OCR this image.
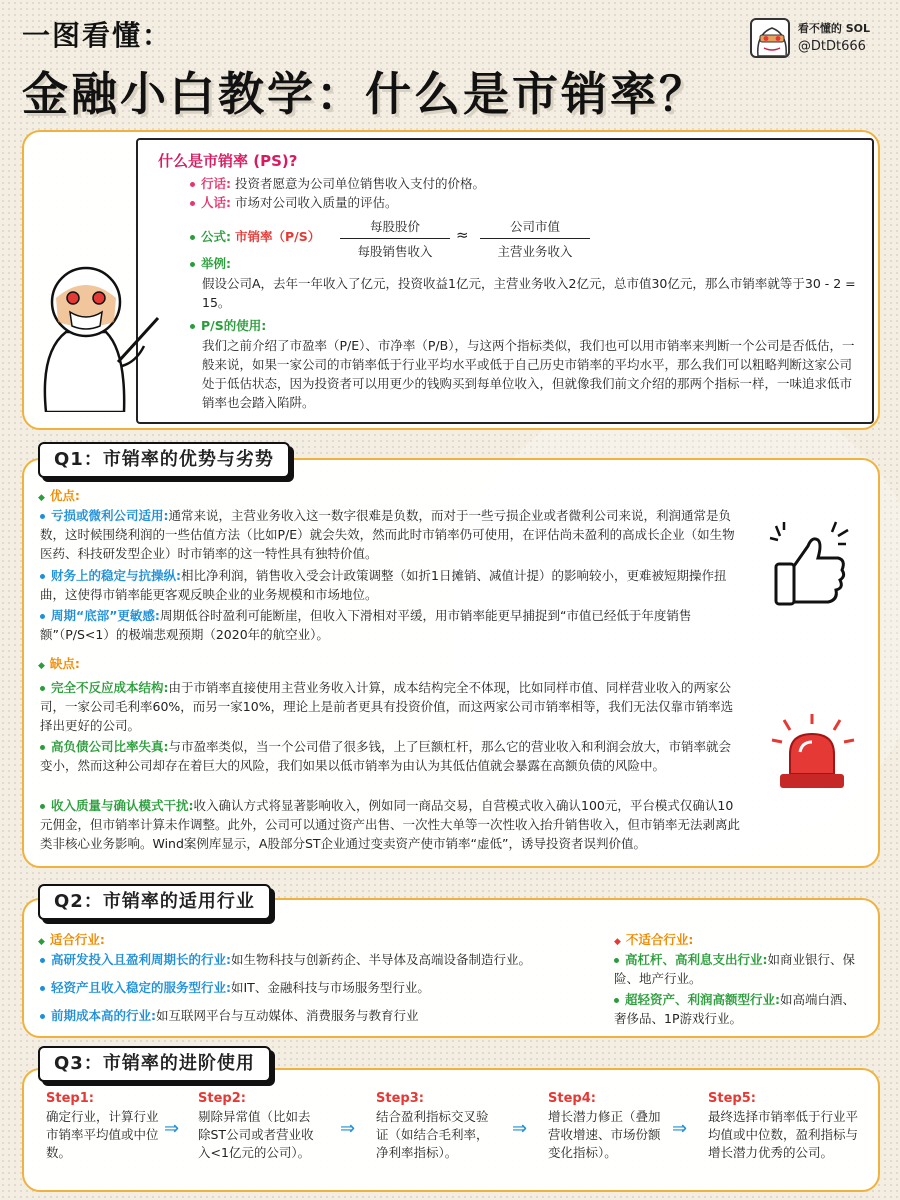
一图看懂：
金融小白教学：什么是市销率？
看不懂的 SOL
@DtDt666
什么是市销率 (PS)?
行话: 投资者愿意为公司单位销售收入支付的价格。
人话: 市场对公司收入质量的评估。
公式: 市销率（P/S）
每股股价
每股销售收入
≈	公司市值
主营业务收入
举例:
假设公司A，去年一年收入了亿元，投资收益1亿元，主营业务收入2亿元，总市值30亿元，那么市销率就等于30 - 2 = 15。
P/S的使用:
我们之前介绍了市盈率（P/E）、市净率（P/B），与这两个指标类似，我们也可以用市销率来判断一个公司是否低估，一般来说，如果一家公司的市销率低于行业平均水平或低于自己历史市销率的平均水平，那么我们可以粗略判断这家公司处于低估状态，因为投资者可以用更少的钱购买到每单位收入，但就像我们前文介绍的那两个指标一样，一味追求低市销率也会踏入陷阱。
Q1：市销率的优势与劣势
◆ 优点:
亏损或微利公司适用:通常来说，主营业务收入这一数字很难是负数，而对于一些亏损企业或者微利公司来说，利润通常是负数，这时候围绕利润的一些估值方法（比如P/E）就会失效，然而此时市销率仍可使用，在评估尚未盈利的高成长企业（如生物医药、科技研发型企业）时市销率的这一特性具有独特价值。
财务上的稳定与抗操纵:相比净利润，销售收入受会计政策调整（如折1日摊销、减值计提）的影响较小，更难被短期操作扭曲，这使得市销率能更客观反映企业的业务规模和市场地位。
周期“底部”更敏感:周期低谷时盈利可能断崖，但收入下滑相对平缓，用市销率能更早捕捉到“市值已经低于年度销售额”（P/S<1）的极端悲观预期（2020年的航空业）。
◆ 缺点:
完全不反应成本结构:由于市销率直接使用主营业务收入计算，成本结构完全不体现，比如同样市值、同样营业收入的两家公司，一家公司毛利率60%，而另一家10%，理论上是前者更具有投资价值，而这两家公司市销率相等，我们无法仅靠市销率选择出更好的公司。
高负债公司比率失真:与市盈率类似，当一个公司借了很多钱，上了巨额杠杆，那么它的营业收入和利润会放大，市销率就会变小，然而这种公司却存在着巨大的风险，我们如果以低市销率为由认为其低估值就会暴露在高额负债的风险中。
收入质量与确认模式干扰:收入确认方式将显著影响收入，例如同一商品交易，自营模式收入确认100元，平台模式仅确认10元佣金，但市销率计算未作调整。此外，公司可以通过资产出售、一次性大单等一次性收入抬升销售收入，但市销率无法剥离此类非核心业务影响。Wind案例库显示，A股部分ST企业通过变卖资产使市销率“虚低”，诱导投资者误判价值。
Q2：市销率的适用行业
◆ 适合行业:
高研发投入且盈利周期长的行业:如生物科技与创新药企、半导体及高端设备制造行业。
轻资产且收入稳定的服务型行业:如IT、金融科技与市场服务型行业。
前期成本高的行业:如互联网平台与互动媒体、消费服务与教育行业
◆ 不适合行业:
高杠杆、高利息支出行业:如商业银行、保险、地产行业。
超轻资产、利润高额型行业:如高端白酒、奢侈品、1P游戏行业。
Q3：市销率的进阶使用
Step1:
确定行业，计算行业市销率平均值或中位数。
⇒
Step2:
剔除异常值（比如去除ST公司或者营业收入<1亿元的公司）。
⇒
Step3:
结合盈利指标交叉验证（如结合毛利率，净利率指标）。
⇒
Step4:
增长潜力修正（叠加营收增速、市场份额变化指标）。
⇒
Step5:
最终选择市销率低于行业平均值或中位数，盈利指标与增长潜力优秀的公司。
